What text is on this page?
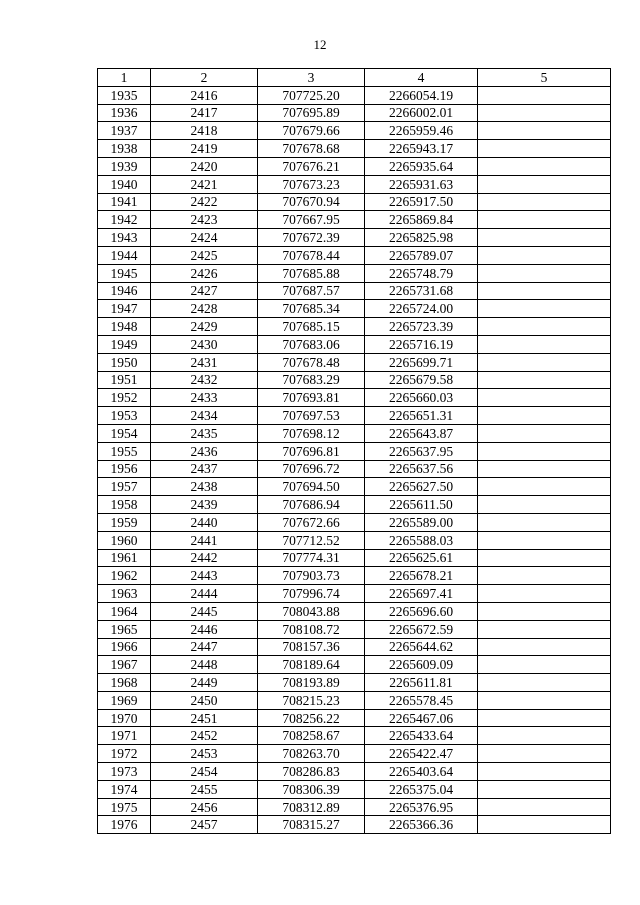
12
1	2	3	4	5
1935	2416	707725.20	2266054.19	
1936	2417	707695.89	2266002.01	
1937	2418	707679.66	2265959.46	
1938	2419	707678.68	2265943.17	
1939	2420	707676.21	2265935.64	
1940	2421	707673.23	2265931.63	
1941	2422	707670.94	2265917.50	
1942	2423	707667.95	2265869.84	
1943	2424	707672.39	2265825.98	
1944	2425	707678.44	2265789.07	
1945	2426	707685.88	2265748.79	
1946	2427	707687.57	2265731.68	
1947	2428	707685.34	2265724.00	
1948	2429	707685.15	2265723.39	
1949	2430	707683.06	2265716.19	
1950	2431	707678.48	2265699.71	
1951	2432	707683.29	2265679.58	
1952	2433	707693.81	2265660.03	
1953	2434	707697.53	2265651.31	
1954	2435	707698.12	2265643.87	
1955	2436	707696.81	2265637.95	
1956	2437	707696.72	2265637.56	
1957	2438	707694.50	2265627.50	
1958	2439	707686.94	2265611.50	
1959	2440	707672.66	2265589.00	
1960	2441	707712.52	2265588.03	
1961	2442	707774.31	2265625.61	
1962	2443	707903.73	2265678.21	
1963	2444	707996.74	2265697.41	
1964	2445	708043.88	2265696.60	
1965	2446	708108.72	2265672.59	
1966	2447	708157.36	2265644.62	
1967	2448	708189.64	2265609.09	
1968	2449	708193.89	2265611.81	
1969	2450	708215.23	2265578.45	
1970	2451	708256.22	2265467.06	
1971	2452	708258.67	2265433.64	
1972	2453	708263.70	2265422.47	
1973	2454	708286.83	2265403.64	
1974	2455	708306.39	2265375.04	
1975	2456	708312.89	2265376.95	
1976	2457	708315.27	2265366.36	
